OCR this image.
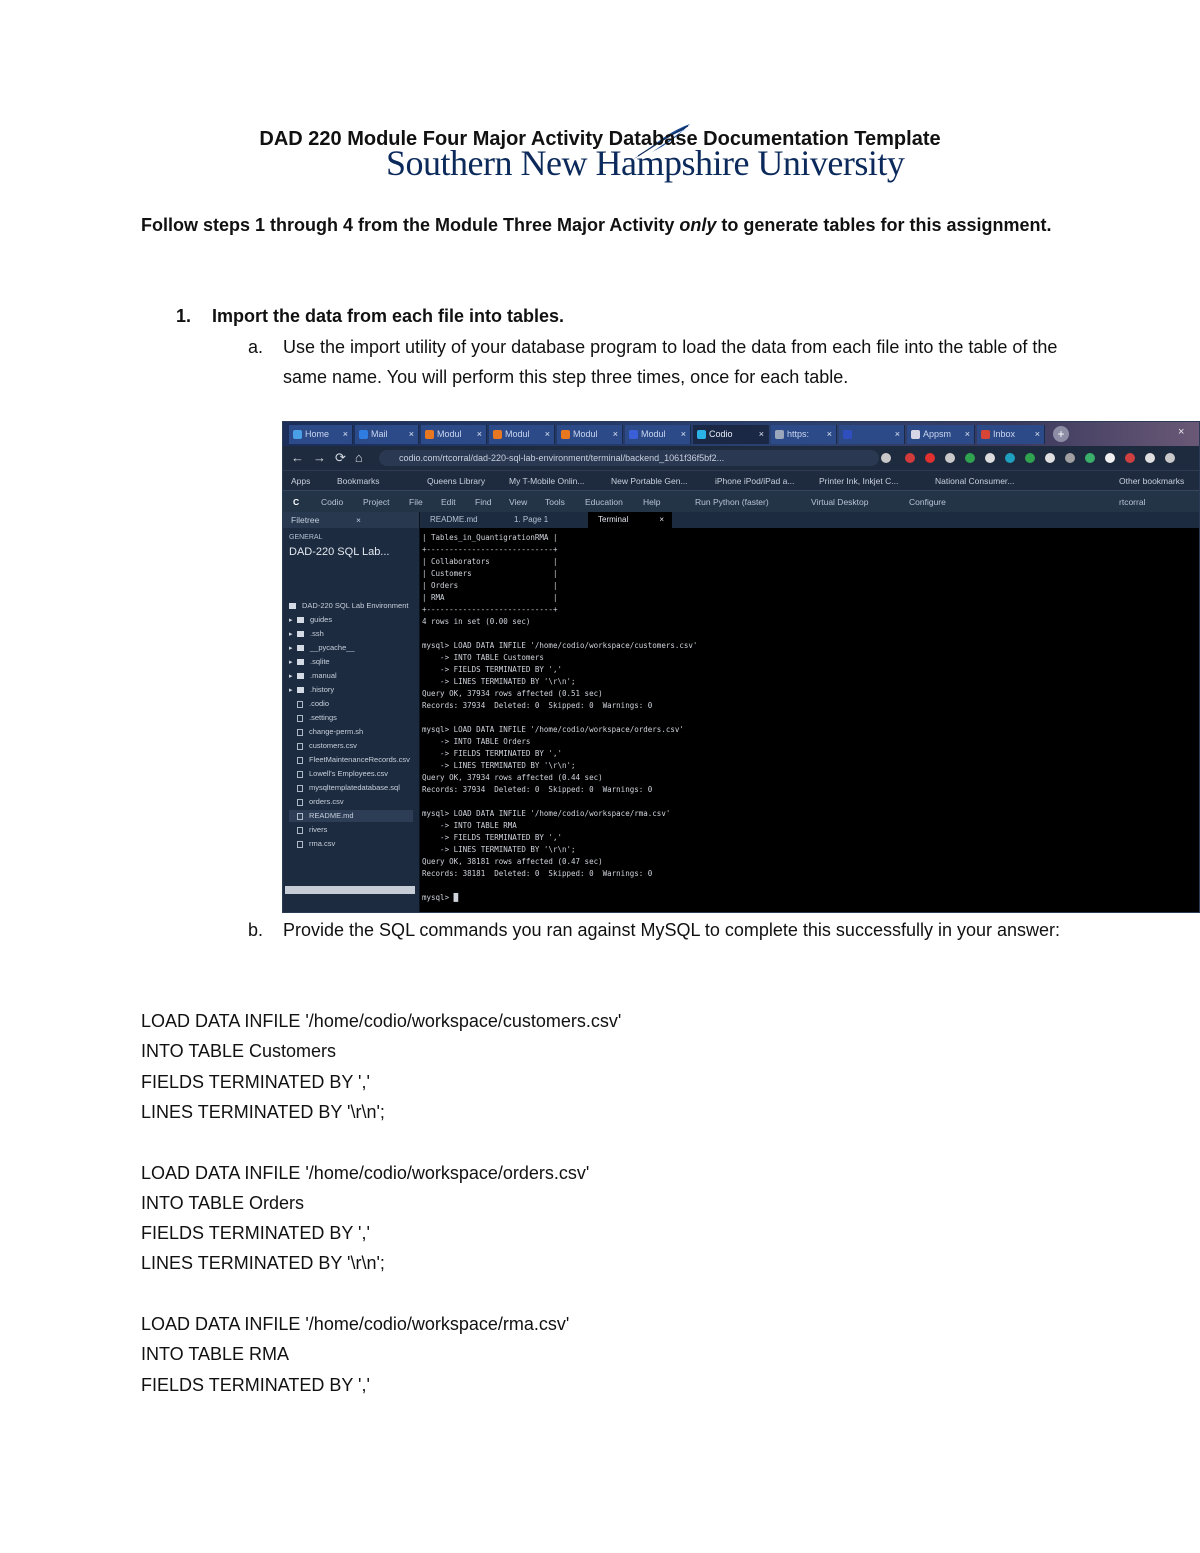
Southern New Hampshire University
DAD 220 Module Four Major Activity Database Documentation Template
Follow steps 1 through 4 from the Module Three Major Activity only to generate tables for this assignment.
1. Import the data from each file into tables.
a. Use the import utility of your database program to load the data from each file into the table of the same name. You will perform this step three times, once for each table.
Home ×	Mail ×	Modul ×	Modul ×	Modul ×	Modul ×	Codio	×	https: ×	×	Appsm ×	Inbox ×	+	×
←→⟳⌂	codio.com/rtcorral/dad-220-sql-lab-environment/terminal/backend_1061f36f5bf2...
Apps	Bookmarks	Queens Library	My T-Mobile Onlin...	New Portable Gen...	iPhone iPod/iPad a...	Printer Ink, Inkjet C...	National Consumer...	Other bookmarks
C	Codio Project File Edit Find View Tools Education Help	Run Python (faster)	Virtual Desktop	Configure	rtcorral
Filetree	×
GENERAL
DAD-220 SQL Lab...
DAD-220 SQL Lab Environment
▸ guides
▸ .ssh
▸ __pycache__
▸ .sqlite
▸ .manual
▸ .history
.codio
.settings
change-perm.sh
customers.csv
FleetMaintenanceRecords.csv
Lowell's Employees.csv
mysqltemplatedatabase.sql
orders.csv
README.md
rivers
rma.csv
README.md	1. Page 1	Terminal	×
| Tables_in_QuantigrationRMA |
+----------------------------+
| Collaborators              |
| Customers                  |
| Orders                     |
| RMA                        |
+----------------------------+
4 rows in set (0.00 sec)
mysql> LOAD DATA INFILE '/home/codio/workspace/customers.csv'
-> INTO TABLE Customers
-> FIELDS TERMINATED BY ','
-> LINES TERMINATED BY '\r\n';
Query OK, 37934 rows affected (0.51 sec)
Records: 37934  Deleted: 0  Skipped: 0  Warnings: 0
mysql> LOAD DATA INFILE '/home/codio/workspace/orders.csv'
-> INTO TABLE Orders
-> FIELDS TERMINATED BY ','
-> LINES TERMINATED BY '\r\n';
Query OK, 37934 rows affected (0.44 sec)
Records: 37934  Deleted: 0  Skipped: 0  Warnings: 0
mysql> LOAD DATA INFILE '/home/codio/workspace/rma.csv'
-> INTO TABLE RMA
-> FIELDS TERMINATED BY ','
-> LINES TERMINATED BY '\r\n';
Query OK, 38181 rows affected (0.47 sec)
Records: 38181  Deleted: 0  Skipped: 0  Warnings: 0
mysql> █
b. Provide the SQL commands you ran against MySQL to complete this successfully in your answer:
LOAD DATA INFILE '/home/codio/workspace/customers.csv'
INTO TABLE Customers
FIELDS TERMINATED BY ','
LINES TERMINATED BY '\r\n';
LOAD DATA INFILE '/home/codio/workspace/orders.csv'
INTO TABLE Orders
FIELDS TERMINATED BY ','
LINES TERMINATED BY '\r\n';
LOAD DATA INFILE '/home/codio/workspace/rma.csv'
INTO TABLE RMA
FIELDS TERMINATED BY ','
